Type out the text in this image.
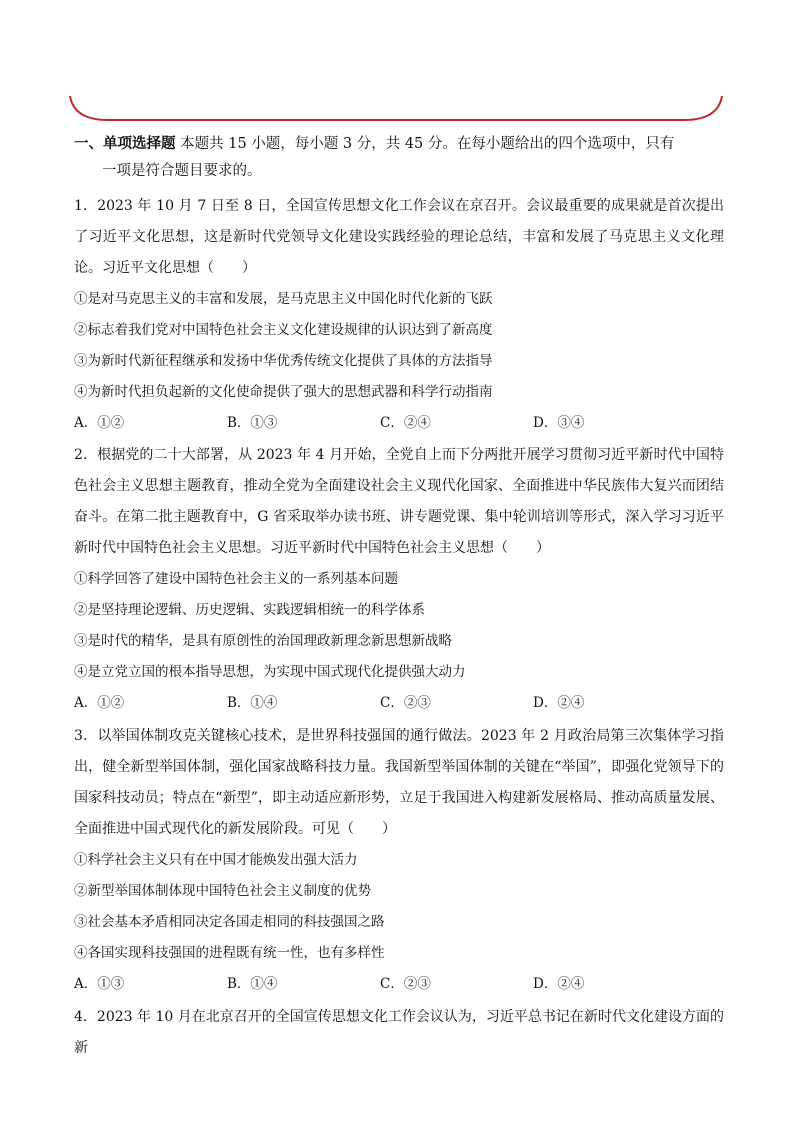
一、单项选择题 本题共 15 小题，每小题 3 分，共 45 分。在每小题给出的四个选项中，只有
一项是符合题目要求的。
1．2023 年 10 月 7 日至 8 日，全国宣传思想文化工作会议在京召开。会议最重要的成果就是首次提出了习近平文化思想，这是新时代党领导文化建设实践经验的理论总结，丰富和发展了马克思主义文化理论。习近平文化思想（　　）
①是对马克思主义的丰富和发展，是马克思主义中国化时代化新的飞跃
②标志着我们党对中国特色社会主义文化建设规律的认识达到了新高度
③为新时代新征程继承和发扬中华优秀传统文化提供了具体的方法指导
④为新时代担负起新的文化使命提供了强大的思想武器和科学行动指南
A．①②	B．①③	C．②④	D．③④
2．根据党的二十大部署，从 2023 年 4 月开始，全党自上而下分两批开展学习贯彻习近平新时代中国特色社会主义思想主题教育，推动全党为全面建设社会主义现代化国家、全面推进中华民族伟大复兴而团结奋斗。在第二批主题教育中，G 省采取举办读书班、讲专题党课、集中轮训培训等形式，深入学习习近平新时代中国特色社会主义思想。习近平新时代中国特色社会主义思想（　　）
①科学回答了建设中国特色社会主义的一系列基本问题
②是坚持理论逻辑、历史逻辑、实践逻辑相统一的科学体系
③是时代的精华，是具有原创性的治国理政新理念新思想新战略
④是立党立国的根本指导思想，为实现中国式现代化提供强大动力
A．①②	B．①④	C．②③	D．②④
3．以举国体制攻克关键核心技术，是世界科技强国的通行做法。2023 年 2 月政治局第三次集体学习指出，健全新型举国体制，强化国家战略科技力量。我国新型举国体制的关键在“举国”，即强化党领导下的国家科技动员；特点在“新型”，即主动适应新形势，立足于我国进入构建新发展格局、推动高质量发展、全面推进中国式现代化的新发展阶段。可见（　　）
①科学社会主义只有在中国才能焕发出强大活力
②新型举国体制体现中国特色社会主义制度的优势
③社会基本矛盾相同决定各国走相同的科技强国之路
④各国实现科技强国的进程既有统一性，也有多样性
A．①③	B．①④	C．②③	D．②④
4．2023 年 10 月在北京召开的全国宣传思想文化工作会议认为，习近平总书记在新时代文化建设方面的新
